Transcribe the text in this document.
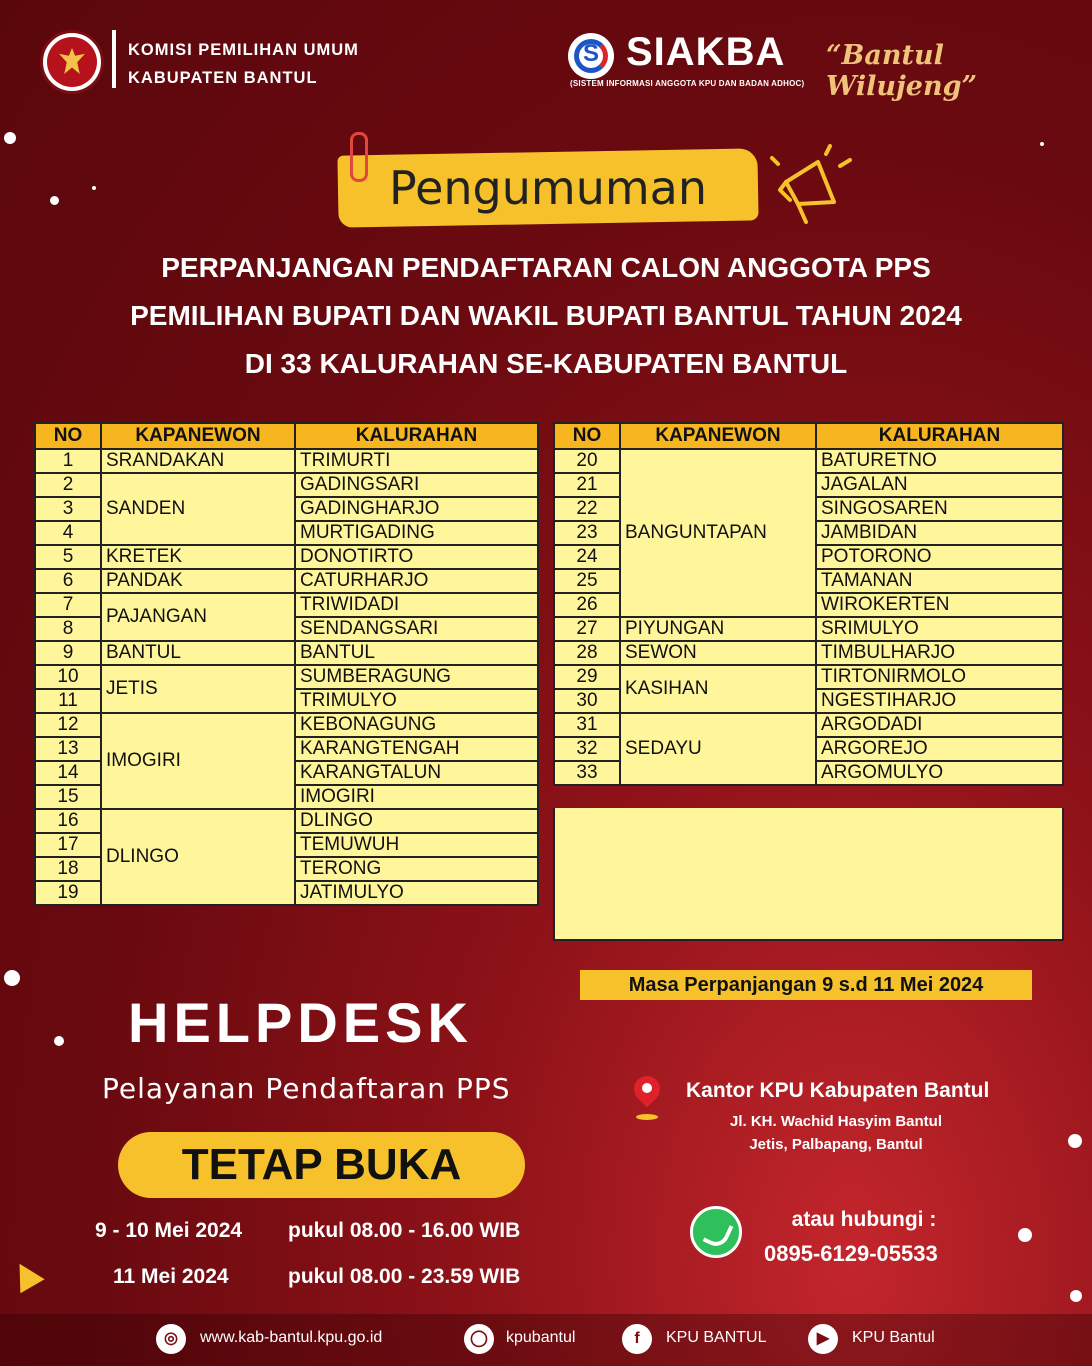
KOMISI PEMILIHAN UMUM
KABUPATEN BANTUL
S SIAKBA
(SISTEM INFORMASI ANGGOTA KPU DAN BADAN ADHOC)
“Bantul Wilujeng”
Pengumuman
PERPANJANGAN PENDAFTARAN CALON ANGGOTA PPS
PEMILIHAN BUPATI DAN WAKIL BUPATI BANTUL TAHUN 2024
DI 33 KALURAHAN SE-KABUPATEN BANTUL
NO	KAPANEWON	KALURAHAN
1	SRANDAKAN	TRIMURTI
2	SANDEN	GADINGSARI
3		GADINGHARJO
4		MURTIGADING
5	KRETEK	DONOTIRTO
6	PANDAK	CATURHARJO
7	PAJANGAN	TRIWIDADI
8		SENDANGSARI
9	BANTUL	BANTUL
10	JETIS	SUMBERAGUNG
11		TRIMULYO
12	IMOGIRI	KEBONAGUNG
13		KARANGTENGAH
14		KARANGTALUN
15		IMOGIRI
16	DLINGO	DLINGO
17		TEMUWUH
18		TERONG
19		JATIMULYO
NO	KAPANEWON	KALURAHAN
20	BANGUNTAPAN	BATURETNO
21		JAGALAN
22		SINGOSAREN
23		JAMBIDAN
24		POTORONO
25		TAMANAN
26		WIROKERTEN
27	PIYUNGAN	SRIMULYO
28	SEWON	TIMBULHARJO
29	KASIHAN	TIRTONIRMOLO
30		NGESTIHARJO
31	SEDAYU	ARGODADI
32		ARGOREJO
33		ARGOMULYO
Masa Perpanjangan 9 s.d 11 Mei 2024
HELPDESK
Pelayanan Pendaftaran PPS
TETAP BUKA
9 - 10 Mei 2024 pukul 08.00 - 16.00 WIB
11 Mei 2024	pukul 08.00 - 23.59 WIB
Kantor KPU Kabupaten Bantul
Jl. KH. Wachid Hasyim Bantul
Jetis, Palbapang, Bantul
atau hubungi :
0895-6129-05533
◎	www.kab-bantul.kpu.go.id	◯	kpubantul	f	KPU BANTUL	▶	KPU Bantul
